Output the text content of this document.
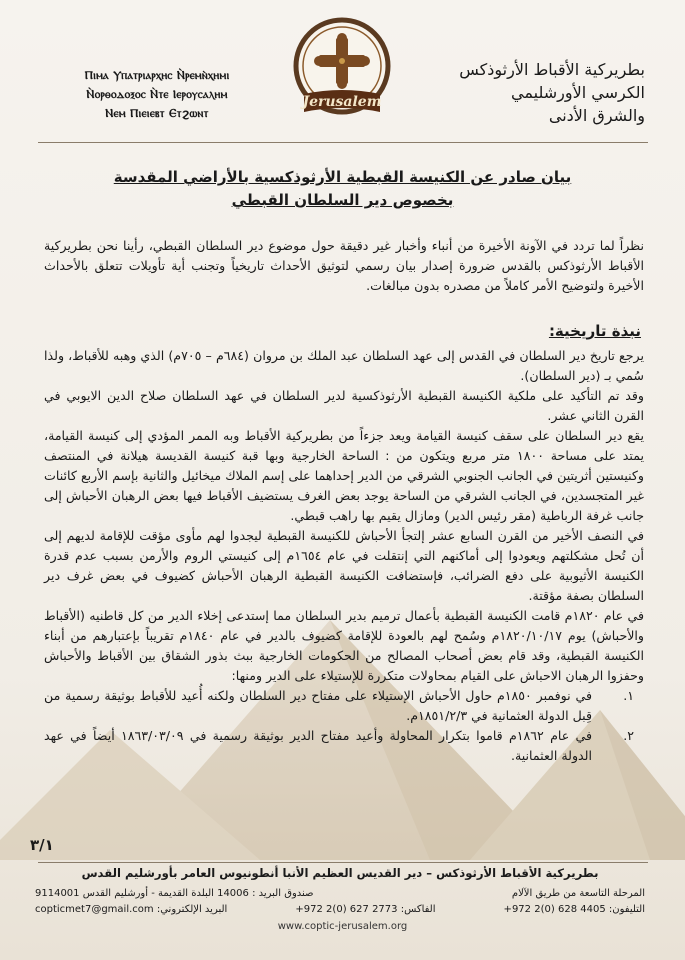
Ⲡⲓⲙⲁ Ⲩⲡⲁⲧⲣⲓⲁⲣⲭⲏⲥ Ⲛ̀ⲣⲉⲙⲛ̀ⲭⲏⲙⲓ
Ⲛ̀ⲟⲣⲑⲟⲇⲟⲝⲟⲥ Ⲛ̀ⲧⲉ Ⲓⲉⲣⲟⲩⲥⲁⲗⲏⲙ
Ⲛⲉⲙ Ⲡⲓⲉⲓⲉⲃⲧ Ⲉⲧϩⲱⲛⲧ
Jerusalem
بطريركية الأقباط الأرثوذكس
الكرسي الأورشليمي
والشرق الأدنى
بيان صادر عن الكنيسة القبطية الأرثوذكسية بالأراضي المقدسة
بخصوص دير السلطان القبطي

نظراً لما تردد في الآونة الأخيرة من أنباء وأخبار غير دقيقة حول موضوع دير السلطان القبطي، رأينا نحن بطريركية الأقباط الأرثوذكس بالقدس ضرورة إصدار بيان رسمي لتوثيق الأحداث تاريخياً وتجنب أية تأويلات تتعلق بالأحداث الأخيرة ولتوضيح الأمر كاملاً من مصدره بدون مبالغات.

نبذة تاريخية:

يرجع تاريخ دير السلطان في القدس إلى عهد السلطان عبد الملك بن مروان (٦٨٤م – ٧٠٥م) الذي وهبه للأقباط، ولذا سُمي بـ (دير السلطان).

وقد تم التأكيد على ملكية الكنيسة القبطية الأرثوذكسية لدير السلطان في عهد السلطان صلاح الدين الايوبي في القرن الثاني عشر.

يقع دير السلطان على سقف كنيسة القيامة ويعد جزءاً من بطريركية الأقباط وبه الممر المؤدي إلى كنيسة القيامة، يمتد على مساحة ١٨٠٠ متر مربع ويتكون من : الساحة الخارجية وبها قبة كنيسة القديسة هيلانة في المنتصف وكنيستين أثريتين في الجانب الجنوبي الشرقي من الدير إحداهما على إسم الملاك ميخائيل والثانية بإسم الأربع كائنات غير المتجسدين، في الجانب الشرقي من الساحة يوجد بعض الغرف يستضيف الأقباط فيها بعض الرهبان الأحباش إلى جانب غرفة الرباطية (مقر رئيس الدير) ومازال يقيم بها راهب قبطي.

في النصف الأخير من القرن السابع عشر إلتجأ الأحباش للكنيسة القبطية ليجدوا لهم مأوى مؤقت للإقامة لديهم إلى أن تُحل مشكلتهم ويعودوا إلى أماكنهم التي إنتقلت في عام ١٦٥٤م إلى كنيستي الروم والأرمن بسبب عدم قدرة الكنيسة الأثيوبية على دفع الضرائب، فإستضافت الكنيسة القبطية الرهبان الأحباش كضيوف في بعض غرف دير السلطان بصفة مؤقتة.

في عام ١٨٢٠م قامت الكنيسة القبطية بأعمال ترميم بدير السلطان مما إستدعى إخلاء الدير من كل قاطنيه (الأقباط والأحباش) يوم ١٨٢٠/١٠/١٧م وسُمح لهم بالعودة للإقامة كضيوف بالدير في عام ١٨٤٠م تقريباً بإعتبارهم من أبناء الكنيسة القبطية، وقد قام بعض أصحاب المصالح من الحكومات الخارجية ببث بذور الشقاق بين الأقباط والأحباش وحفزوا الرهبان الاحباش على القيام بمحاولات متكررة للإستيلاء على الدير ومنها:

١.
في نوفمبر ١٨٥٠م حاول الأحباش الإستيلاء على مفتاح دير السلطان ولكنه أُعيد للأقباط بوثيقة رسمية من قِبل الدولة العثمانية في ١٨٥١/٢/٣م.
٢.
في عام ١٨٦٢م قاموا بتكرار المحاولة وأعيد مفتاح الدير بوثيقة رسمية في ١٨٦٣/٠٣/٠٩ أيضاً في عهد الدولة العثمانية.
٣/١
بطريركية الأقباط الأرثوذكس – دير القديس العظيم الأنبا أنطونيوس العامر بأورشليم القدس
المرحلة التاسعة من طريق الآلام
صندوق البريد : 14006 البلدة القديمة - أورشليم القدس 9114001
التليفون: 4405 628 (0)2 972+
الفاكس: 2773 627 (0)2 972+
البريد الإلكتروني: copticmet7@gmail.com
www.coptic-jerusalem.org
